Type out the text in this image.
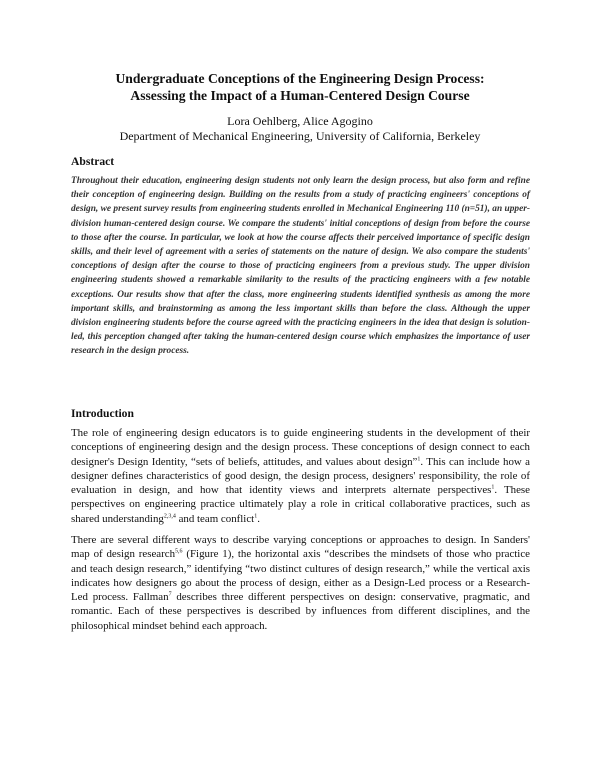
Undergraduate Conceptions of the Engineering Design Process:
Assessing the Impact of a Human-Centered Design Course
Lora Oehlberg, Alice Agogino
Department of Mechanical Engineering, University of California, Berkeley
Abstract

Throughout their education, engineering design students not only learn the design process, but also form and refine their conception of engineering design. Building on the results from a study of practicing engineers' conceptions of design, we present survey results from engineering students enrolled in Mechanical Engineering 110 (n=51), an upper-division human-centered design course. We compare the students' initial conceptions of design from before the course to those after the course. In particular, we look at how the course affects their perceived importance of specific design skills, and their level of agreement with a series of statements on the nature of design. We also compare the students' conceptions of design after the course to those of practicing engineers from a previous study. The upper division engineering students showed a remarkable similarity to the results of the practicing engineers with a few notable exceptions. Our results show that after the class, more engineering students identified synthesis as among the more important skills, and brainstorming as among the less important skills than before the class. Although the upper division engineering students before the course agreed with the practicing engineers in the idea that design is solution-led, this perception changed after taking the human-centered design course which emphasizes the importance of user research in the design process.

Introduction

The role of engineering design educators is to guide engineering students in the development of their conceptions of engineering design and the design process. These conceptions of design connect to each designer's Design Identity, “sets of beliefs, attitudes, and values about design”$^1$. This can include how a designer defines characteristics of good design, the design process, designers' responsibility, the role of evaluation in design, and how that identity views and interprets alternate perspectives$^1$. These perspectives on engineering practice ultimately play a role in critical collaborative practices, such as shared understanding$^{2,3,4}$ and team conflict$^1$.

There are several different ways to describe varying conceptions or approaches to design. In Sanders' map of design research$^{5,6}$ (Figure 1), the horizontal axis “describes the mindsets of those who practice and teach design research,” identifying “two distinct cultures of design research,” while the vertical axis indicates how designers go about the process of design, either as a Design-Led process or a Research-Led process. Fallman$^7$ describes three different perspectives on design: conservative, pragmatic, and romantic. Each of these perspectives is described by influences from different disciplines, and the philosophical mindset behind each approach.
